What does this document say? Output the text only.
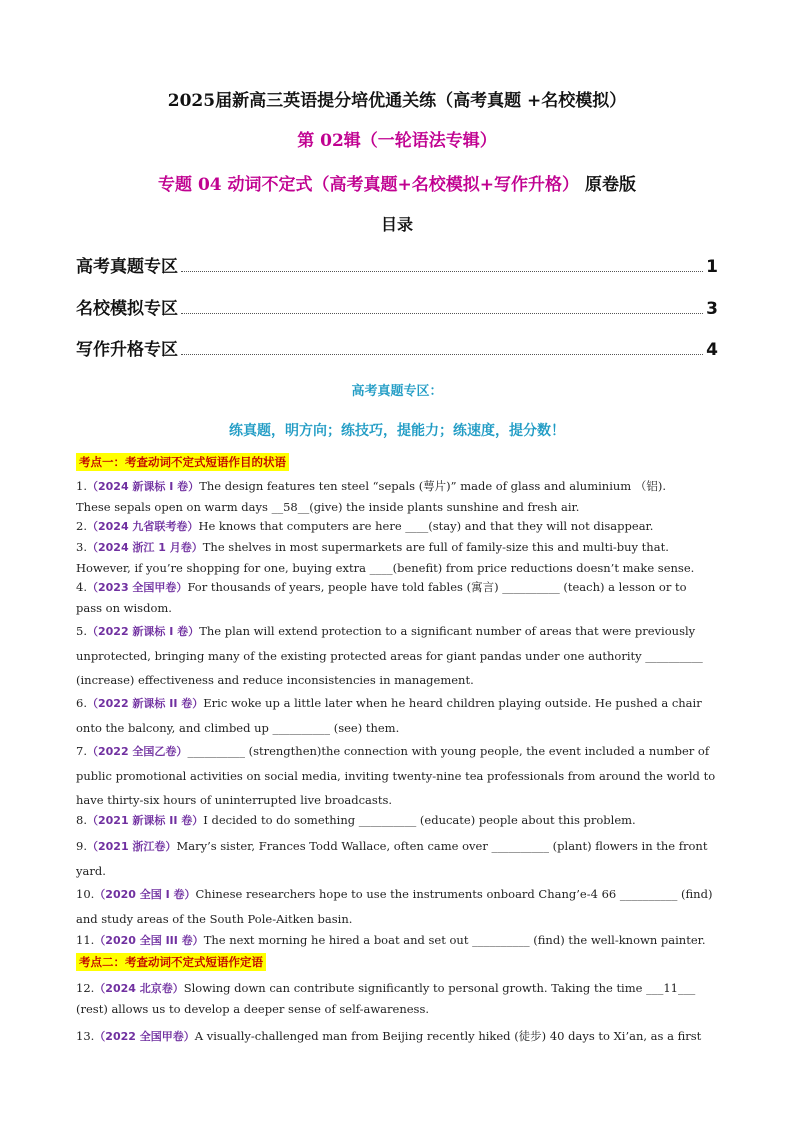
2025届新高三英语提分培优通关练（高考真题 +名校模拟）
第 02辑（一轮语法专辑）
专题 04 动词不定式（高考真题+名校模拟+写作升格） 原卷版
目录
高考真题专区	1
名校模拟专区	3
写作升格专区	4
高考真题专区：
练真题，明方向；练技巧，提能力；练速度，提分数！
考点一：考查动词不定式短语作目的状语
1.（2024 新课标 I 卷）The design features ten steel “sepals (萼片)” made of glass and aluminium （铝).
These sepals open on warm days __58__(give) the inside plants sunshine and fresh air.
2.（2024 九省联考卷）He knows that computers are here ____(stay) and that they will not disappear.
3.（2024 浙江 1 月卷）The shelves in most supermarkets are full of family-size this and multi-buy that.
However, if you’re shopping for one, buying extra ____(benefit) from price reductions doesn’t make sense.
4.（2023 全国甲卷）For thousands of years, people have told fables (寓言) __________ (teach) a lesson or to
pass on wisdom.
5.（2022 新课标 I 卷）The plan will extend protection to a significant number of areas that were previously
unprotected, bringing many of the existing protected areas for giant pandas under one authority __________
(increase) effectiveness and reduce inconsistencies in management.
6.（2022 新课标 II 卷）Eric woke up a little later when he heard children playing outside. He pushed a chair
onto the balcony, and climbed up __________ (see) them.
7.（2022 全国乙卷）__________ (strengthen)the connection with young people, the event included a number of
public promotional activities on social media, inviting twenty-nine tea professionals from around the world to
have thirty-six hours of uninterrupted live broadcasts.
8.（2021 新课标 II 卷）I decided to do something __________ (educate) people about this problem.
9.（2021 浙江卷）Mary’s sister, Frances Todd Wallace, often came over __________ (plant) flowers in the front
yard.
10.（2020 全国 I 卷）Chinese researchers hope to use the instruments onboard Chang’e-4 66 __________ (find)
and study areas of the South Pole-Aitken basin.
11.（2020 全国 III 卷）The next morning he hired a boat and set out __________ (find) the well-known painter.
12.（2024 北京卷）Slowing down can contribute significantly to personal growth. Taking the time ___11___
(rest) allows us to develop a deeper sense of self-awareness.
13.（2022 全国甲卷）A visually-challenged man from Beijing recently hiked (徒步) 40 days to Xi’an, as a first
考点二：考查动词不定式短语作定语
